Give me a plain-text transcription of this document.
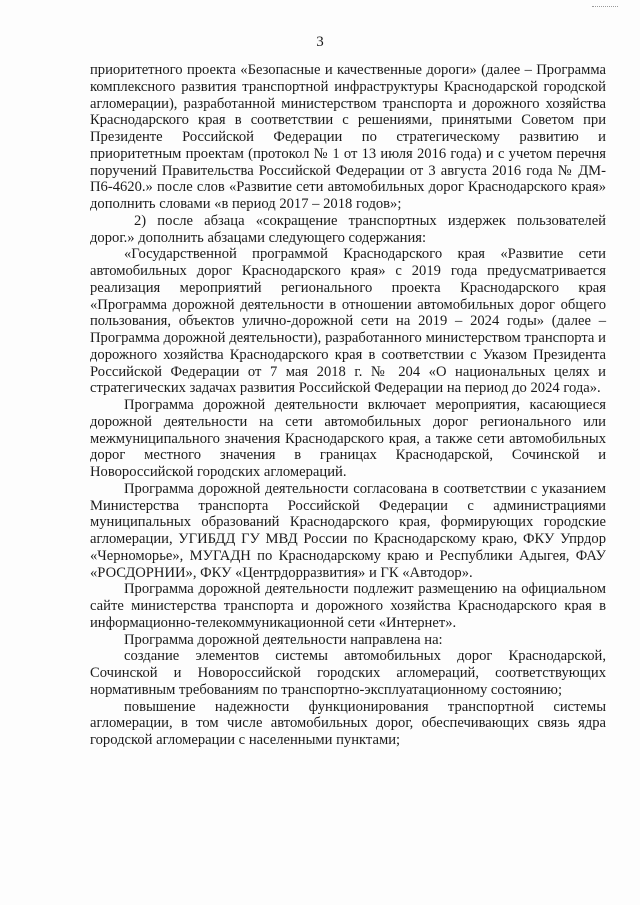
3

приоритетного проекта «Безопасные и качественные дороги» (далее – Программа комплексного развития транспортной инфраструктуры Краснодарской городской агломерации), разработанной министерством транспорта и дорожного хозяйства Краснодарского края в соответствии с решениями, принятыми Советом при Президенте Российской Федерации по стратегическому развитию и приоритетным проектам (протокол № 1 от 13 июля 2016 года) и с учетом перечня поручений Правительства Российской Федерации от 3 августа 2016 года № ДМ-П6-4620.» после слов «Развитие сети автомобильных дорог Краснодарского края» дополнить словами «в период 2017 – 2018 годов»;

2) после абзаца «сокращение транспортных издержек пользователей дорог.» дополнить абзацами следующего содержания:

«Государственной программой Краснодарского края «Развитие сети автомобильных дорог Краснодарского края» с 2019 года предусматривается реализация мероприятий регионального проекта Краснодарского края «Программа дорожной деятельности в отношении автомобильных дорог общего пользования, объектов улично-дорожной сети на 2019 – 2024 годы» (далее – Программа дорожной деятельности), разработанного министерством транспорта и дорожного хозяйства Краснодарского края в соответствии с Указом Президента Российской Федерации от 7 мая 2018 г. № 204 «О национальных целях и стратегических задачах развития Российской Федерации на период до 2024 года».

Программа дорожной деятельности включает мероприятия, касающиеся дорожной деятельности на сети автомобильных дорог регионального или межмуниципального значения Краснодарского края, а также сети автомобильных дорог местного значения в границах Краснодарской, Сочинской и Новороссийской городских агломераций.

Программа дорожной деятельности согласована в соответствии с указанием Министерства транспорта Российской Федерации с администрациями муниципальных образований Краснодарского края, формирующих городские агломерации, УГИБДД ГУ МВД России по Краснодарскому краю, ФКУ Упрдор «Черноморье», МУГАДН по Краснодарскому краю и Республики Адыгея, ФАУ «РОСДОРНИИ», ФКУ «Центрдорразвития» и ГК «Автодор».

Программа дорожной деятельности подлежит размещению на официальном сайте министерства транспорта и дорожного хозяйства Краснодарского края в информационно-телекоммуникационной сети «Интернет».

Программа дорожной деятельности направлена на:

создание элементов системы автомобильных дорог Краснодарской, Сочинской и Новороссийской городских агломераций, соответствующих нормативным требованиям по транспортно-эксплуатационному состоянию;

повышение надежности функционирования транспортной системы агломерации, в том числе автомобильных дорог, обеспечивающих связь ядра городской агломерации с населенными пунктами;
